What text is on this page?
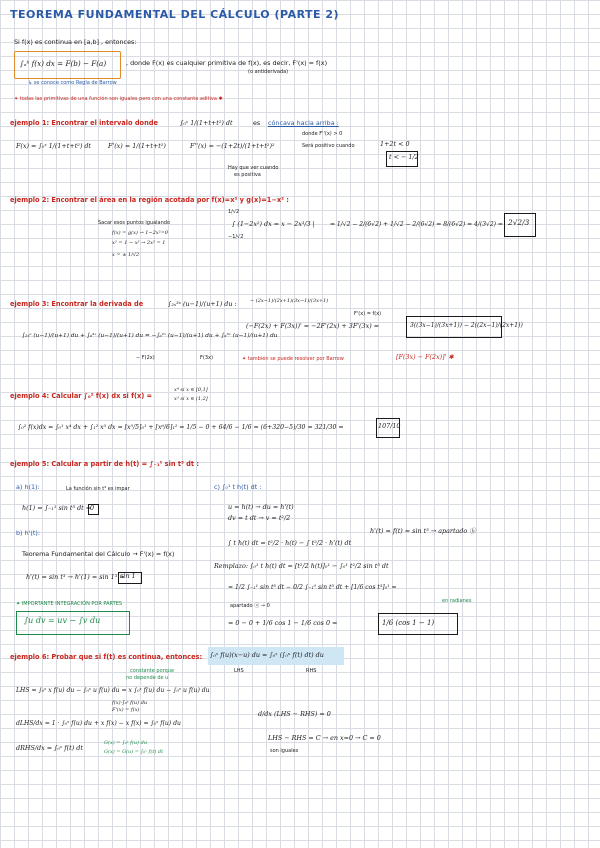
TEOREMA FUNDAMENTAL DEL CÁLCULO (PARTE 2)
Si f(x) es continua en [a,b] , entonces:
∫ₐᵇ f(x) dx = F(b) − F(a)	, donde F(x) es cualquier primitiva de f(x), es decir, F'(x) = f(x)
(o antiderivada)
↳ se conoce como Regla de Barrow
✦ todas las primitivas de una función son iguales pero con una constante aditiva ✱
ejemplo 1: Encontrar el intervalo donde	∫₀ˣ 1/(1+t+t²) dt	es cóncava hacia arriba :
donde F''(x) > 0
F(x) = ∫₀ˣ 1/(1+t+t²) dt	F'(x) = 1/(1+t+t²)	F''(x) = −(1+2t)/(1+t+t²)²
Hay que ver cuando
es positiva
Será positivo cuando	1+2t < 0
t < − 1/2
ejemplo 2: Encontrar el área en la región acotada por f(x)=x² y g(x)=1−x² :
Sacar esos puntos igualando
f(x) = g(x) → 1−2x²=0
x² = 1 − x² → 2x² = 1
x = ± 1/√2
1/√2
−1/√2
∫ (1−2x²) dx = x − 2x³/3 |	= 1/√2 − 2/(6√2) + 1/√2 − 2/(6√2) = 8/(6√2) = 4/(3√2) = 2√2/3
ejemplo 3: Encontrar la derivada de	∫₂ₓ³ˣ (u−1)/(u+1) du :
∫₂ₓᵃ (u−1)/(u+1) du + ∫ₐ³ˣ (u−1)/(u+1) du = −∫ₐ²ˣ (u−1)/(u+1) du + ∫ₐ³ˣ (u−1)/(u+1) du
− F(2x)	F(3x)
− (2x−1)/(2x+1) (3x−1)/(3x+1)
F'(x) = f(x)
(−F(2x) + F(3x))' = −2F'(2x) + 3F'(3x) =	3((3x−1)/(3x+1)) − 2((2x−1)/(2x+1))
✦ también se puede resolver por Barrow	[F(3x) − F(2x)]' ✱
ejemplo 4: Calcular ∫₀² f(x) dx si f(x) =
x⁴ si x ∈ [0,1]
x⁵ si x ∈ (1,2]
∫₀² f(x)dx = ∫₀¹ x⁴ dx + ∫₁² x⁵ dx = [x⁵/5]₀¹ + [x⁶/6]₁² = 1/5 − 0 + 64/6 − 1/6 = (6+320−5)/30 = 321/30 =	107/10
ejemplo 5: Calcular a partir de h(t) = ∫₋₁ᵗ sin t³ dt :
a) h(1):	La función sin t³ es impar
h(1) = ∫₋₁¹ sin t³ dt =
0
b) h'(t):
Teorema Fundamental del Cálculo → F'(x) = f(x)
h'(t) = sin t³ → h'(1) = sin 1³ =
sin 1
✦ IMPORTANTE INTEGRACIÓN POR PARTES
∫u dv = uv − ∫v du
c) ∫₀¹ t h(t) dt :
u = h(t) → du = h'(t)
dv = t dt → v = t²/2
h'(t) = f(t) = sin t³ → apartado ⓑ
∫ t h(t) dt = t²/2 · h(t) − ∫ t²/2 · h'(t) dt
Remplazo: ∫₀¹ t h(t) dt = [t²/2 h(t)]₀¹ − ∫₀¹ t²/2 sin t³ dt
= 1/2 ∫₋₁¹ sin t³ dt − 0/2 ∫₋₁⁰ sin t³ dt + [1/6 cos t³]₀¹ =
apartado ⓐ → 0
en radianes
= 0 − 0 + 1/6 cos 1 − 1/6 cos 0 =	1/6 (cos 1 − 1)
ejemplo 6: Probar que si f(t) es continua, entonces: ∫₀ˣ f(u)(x−u) du = ∫₀ˣ (∫₀ᵘ f(t) dt) du
LHS	RHS
constante porque
no depende de u
LHS = ∫₀ˣ x f(u) du − ∫₀ˣ u f(u) du = x ∫₀ˣ f(u) du − ∫₀ˣ u f(u) du
f(x)·∫₀ˣ f(u) du
F'(x) = f(x)
dLHS/dx = 1 · ∫₀ˣ f(u) du + x f(x) − x f(x) = ∫₀ˣ f(u) du
dRHS/dx = ∫₀ˣ f(t) dt
G(x) = ∫₀ˣ f(u) du
G(x) = G(u) = ∫₀ˣ f(t) dt
d/dx (LHS − RHS) = 0
LHS − RHS = C → en x=0 → C = 0
son iguales
